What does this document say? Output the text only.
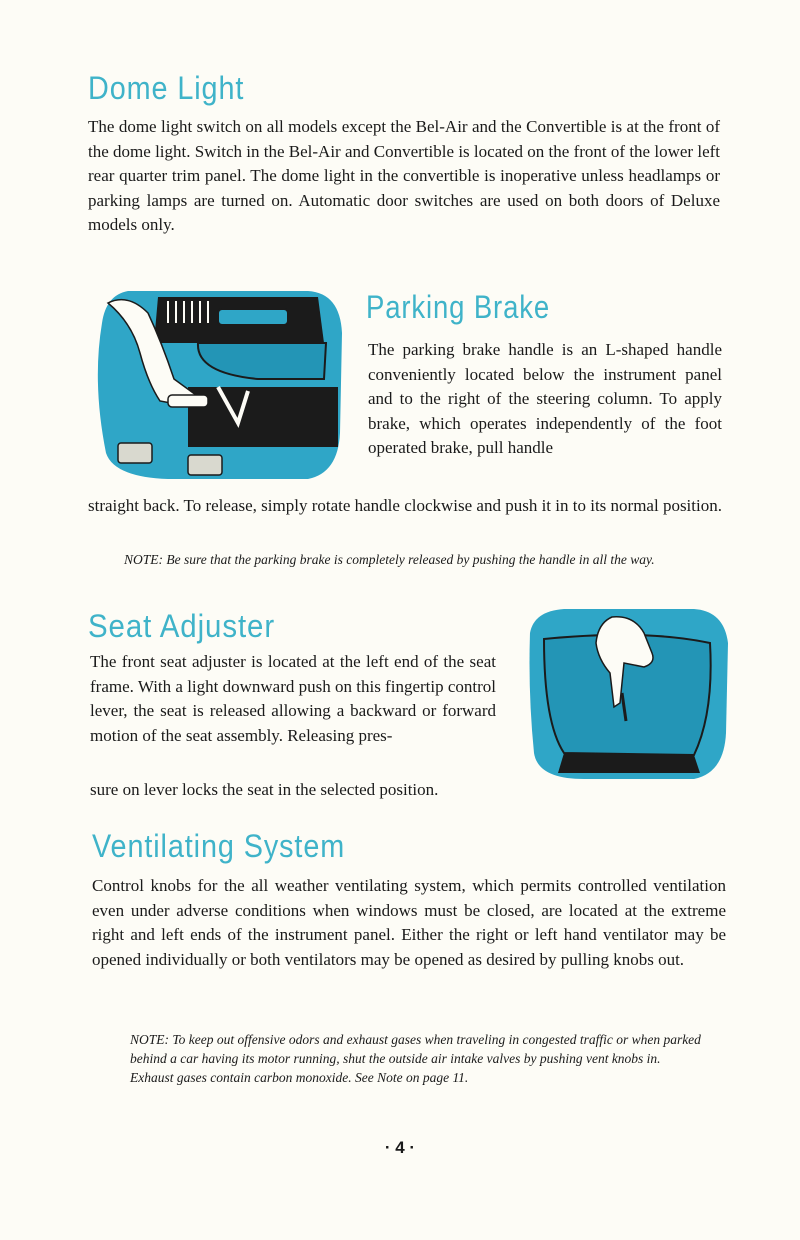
Dome Light

The dome light switch on all models except the Bel-Air and the Convertible is at the front of the dome light. Switch in the Bel-Air and Convertible is located on the front of the lower left rear quarter trim panel. The dome light in the convertible is inoperative unless headlamps or parking lamps are turned on. Automatic door switches are used on both doors of Deluxe models only.

Parking Brake

The parking brake handle is an L-shaped handle conveniently located below the instrument panel and to the right of the steering column. To apply brake, which operates independently of the foot operated brake, pull handle

straight back. To release, simply rotate handle clockwise and push it in to its normal position.

NOTE: Be sure that the parking brake is completely released by pushing the handle in all the way.

Seat Adjuster

The front seat adjuster is located at the left end of the seat frame. With a light downward push on this fingertip control lever, the seat is released allowing a backward or forward motion of the seat assembly. Releasing pres-

sure on lever locks the seat in the selected position.

Ventilating System

Control knobs for the all weather ventilating system, which permits controlled ventilation even under adverse conditions when windows must be closed, are located at the extreme right and left ends of the instrument panel. Either the right or left hand ventilator may be opened individually or both ventilators may be opened as desired by pulling knobs out.

NOTE: To keep out offensive odors and exhaust gases when traveling in congested traffic or when parked behind a car having its motor running, shut the outside air intake valves by pushing vent knobs in. Exhaust gases contain carbon monoxide. See Note on page 11.

· 4 ·
